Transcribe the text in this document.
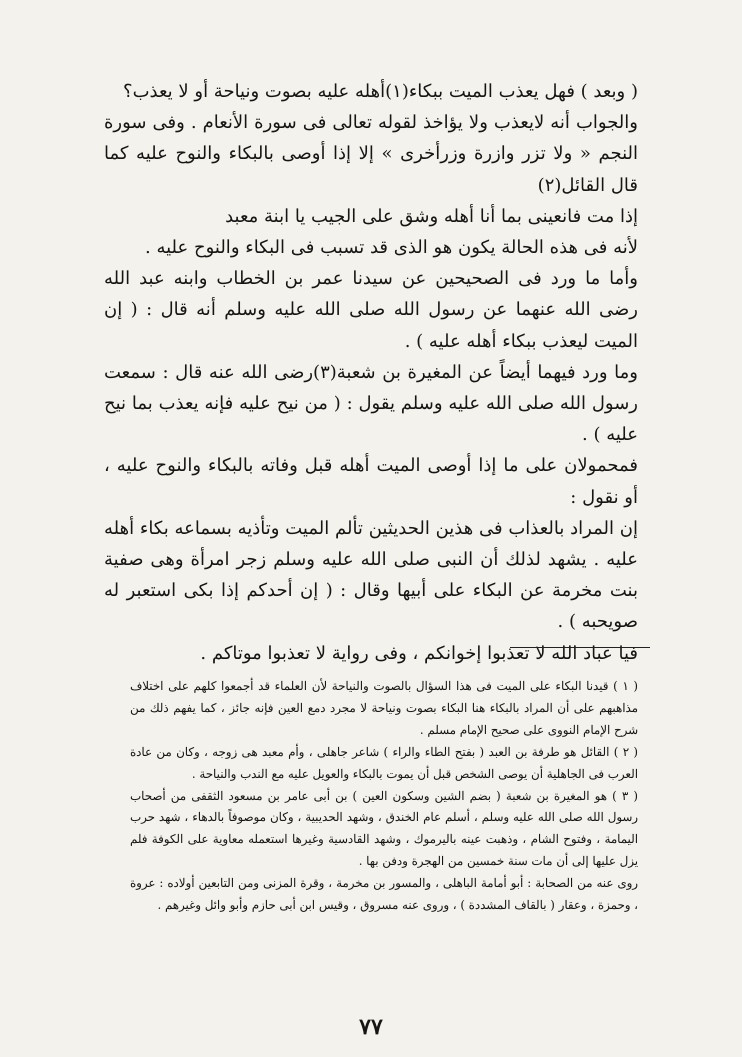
( وبعد ) فهل يعذب الميت ببكاء(١)أهله عليه بصوت ونياحة أو لا يعذب؟

والجواب أنه لايعذب ولا يؤاخذ لقوله تعالى فى سورة الأنعام . وفى سورة النجم « ولا تزر وازرة وزرأخرى » إلا إذا أوصى بالبكاء والنوح عليه كما قال القائل(٢)

إذا مت فانعينى بما أنا أهله وشق على الجيب يا ابنة معبد

لأنه فى هذه الحالة يكون هو الذى قد تسبب فى البكاء والنوح عليه .

وأما ما ورد فى الصحيحين عن سيدنا عمر بن الخطاب وابنه عبد الله رضى الله عنهما عن رسول الله صلى الله عليه وسلم أنه قال : ( إن الميت ليعذب ببكاء أهله عليه ) .

وما ورد فيهما أيضاً عن المغيرة بن شعبة(٣)رضى الله عنه قال : سمعت رسول الله صلى الله عليه وسلم يقول : ( من نيح عليه فإنه يعذب بما نيح عليه ) .

فمحمولان على ما إذا أوصى الميت أهله قبل وفاته بالبكاء والنوح عليه ، أو نقول :

إن المراد بالعذاب فى هذين الحديثين تألم الميت وتأذيه بسماعه بكاء أهله عليه . يشهد لذلك أن النبى صلى الله عليه وسلم زجر امرأة وهى صفية بنت مخرمة عن البكاء على أبيها وقال : ( إن أحدكم إذا بكى استعبر له صويحبه ) .

فيا عباد الله لا تعذبوا إخوانكم ، وفى رواية لا تعذبوا موتاكم .

( ١ ) قيدنا البكاء على الميت فى هذا السؤال بالصوت والنياحة لأن العلماء قد أجمعوا كلهم على اختلاف مذاهبهم على أن المراد بالبكاء هنا البكاء بصوت ونياحة لا مجرد دمع العين فإنه جائز ، كما يفهم ذلك من شرح الإمام النووى على صحيح الإمام مسلم .

( ٢ ) القائل هو طرفة بن العبد ( بفتح الطاء والراء ) شاعر جاهلى ، وأم معبد هى زوجه ، وكان من عادة العرب فى الجاهلية أن يوصى الشخص قبل أن يموت بالبكاء والعويل عليه مع الندب والنياحة .

( ٣ ) هو المغيرة بن شعبة ( بضم الشين وسكون العين ) بن أبى عامر بن مسعود الثقفى من أصحاب رسول الله صلى الله عليه وسلم ، أسلم عام الخندق ، وشهد الحديبية ، وكان موصوفاً بالدهاء ، شهد حرب اليمامة ، وفتوح الشام ، وذهبت عينه باليرموك ، وشهد القادسية وغيرها استعمله معاوية على الكوفة فلم يزل عليها إلى أن مات سنة خمسين من الهجرة ودفن بها .

روى عنه من الصحابة : أبو أمامة الباهلى ، والمسور بن مخرمة ، وقرة المزنى ومن التابعين أولاده : عروة ، وحمزة ، وعقار ( بالقاف المشددة ) ، وروى عنه مسروق ، وقيس ابن أبى حازم وأبو وائل وغيرهم .

٧٧
